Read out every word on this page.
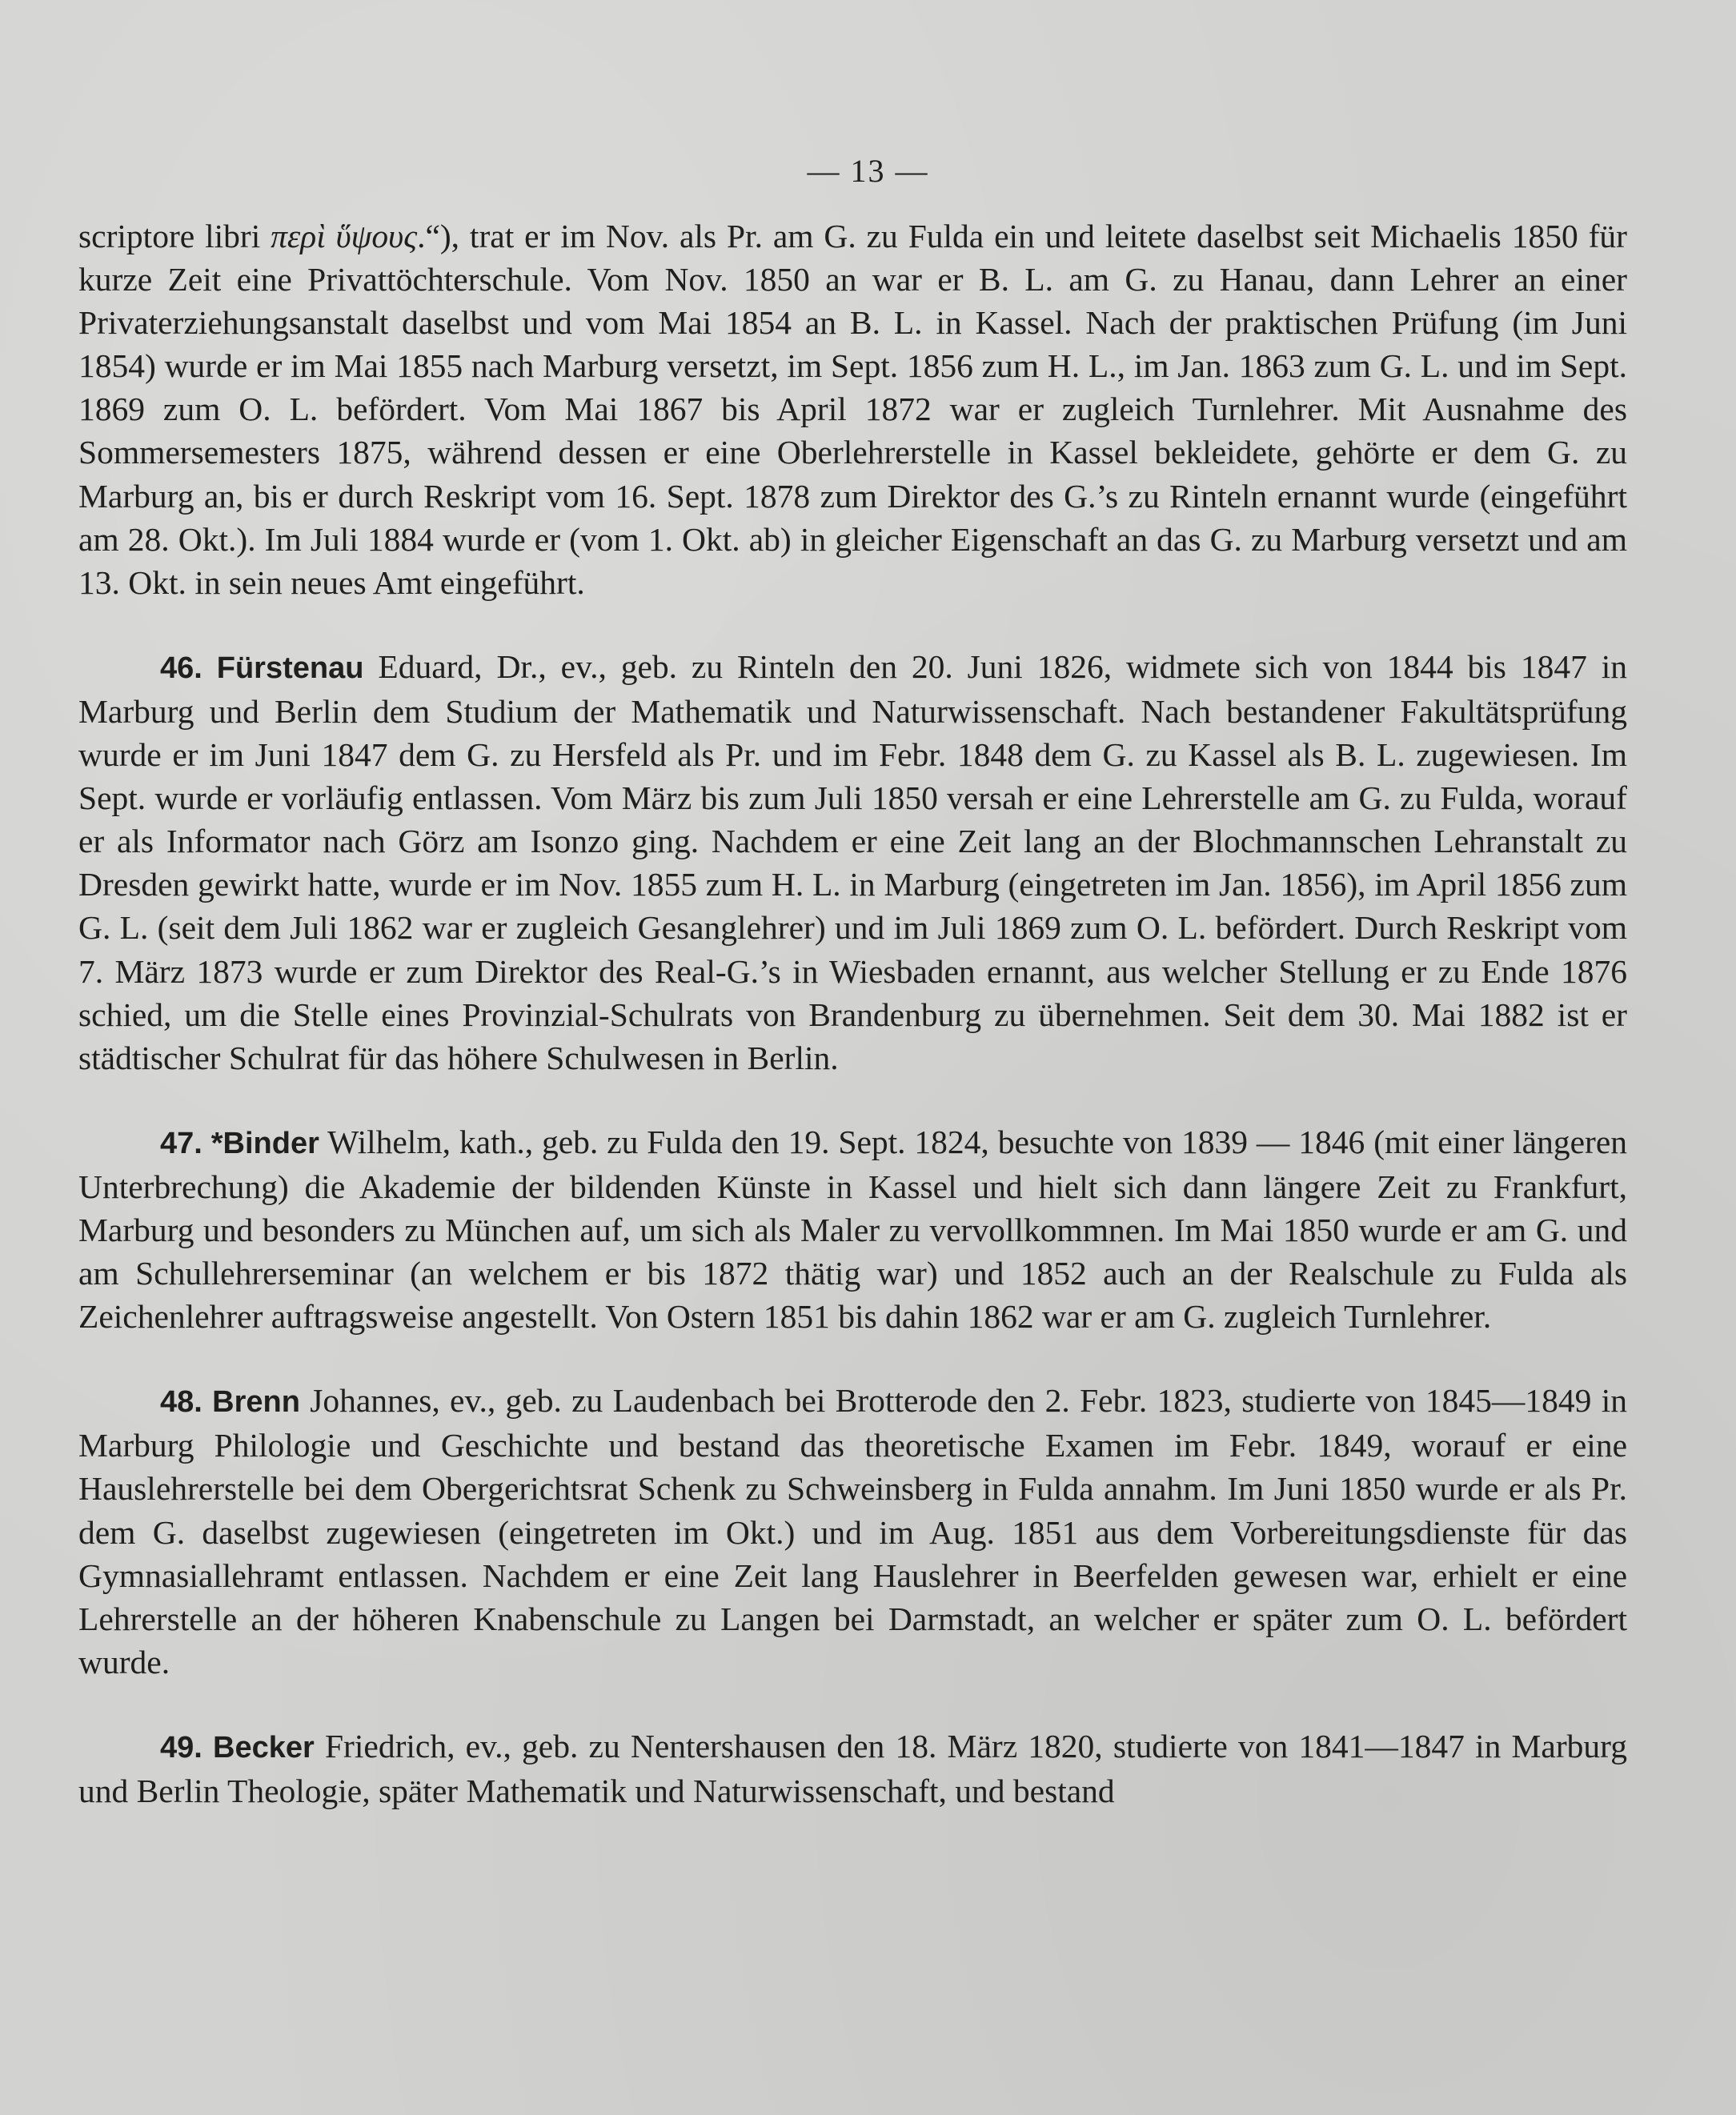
— 13 —

scriptore libri περὶ ὕψους.“), trat er im Nov. als Pr. am G. zu Fulda ein und leitete daselbst seit Michaelis 1850 für kurze Zeit eine Privattöchterschule. Vom Nov. 1850 an war er B. L. am G. zu Hanau, dann Lehrer an einer Privaterziehungsanstalt daselbst und vom Mai 1854 an B. L. in Kassel. Nach der praktischen Prüfung (im Juni 1854) wurde er im Mai 1855 nach Marburg versetzt, im Sept. 1856 zum H. L., im Jan. 1863 zum G. L. und im Sept. 1869 zum O. L. befördert. Vom Mai 1867 bis April 1872 war er zugleich Turnlehrer. Mit Ausnahme des Sommersemesters 1875, während dessen er eine Oberlehrerstelle in Kassel bekleidete, gehörte er dem G. zu Marburg an, bis er durch Reskript vom 16. Sept. 1878 zum Direktor des G.’s zu Rinteln ernannt wurde (eingeführt am 28. Okt.). Im Juli 1884 wurde er (vom 1. Okt. ab) in gleicher Eigenschaft an das G. zu Marburg versetzt und am 13. Okt. in sein neues Amt eingeführt.

46. Fürstenau Eduard, Dr., ev., geb. zu Rinteln den 20. Juni 1826, widmete sich von 1844 bis 1847 in Marburg und Berlin dem Studium der Mathematik und Naturwissenschaft. Nach bestandener Fakultätsprüfung wurde er im Juni 1847 dem G. zu Hersfeld als Pr. und im Febr. 1848 dem G. zu Kassel als B. L. zugewiesen. Im Sept. wurde er vorläufig entlassen. Vom März bis zum Juli 1850 versah er eine Lehrerstelle am G. zu Fulda, worauf er als Informator nach Görz am Isonzo ging. Nachdem er eine Zeit lang an der Blochmannschen Lehranstalt zu Dresden gewirkt hatte, wurde er im Nov. 1855 zum H. L. in Marburg (eingetreten im Jan. 1856), im April 1856 zum G. L. (seit dem Juli 1862 war er zugleich Gesanglehrer) und im Juli 1869 zum O. L. befördert. Durch Reskript vom 7. März 1873 wurde er zum Direktor des Real-G.’s in Wiesbaden ernannt, aus welcher Stellung er zu Ende 1876 schied, um die Stelle eines Provinzial-Schulrats von Brandenburg zu übernehmen. Seit dem 30. Mai 1882 ist er städtischer Schulrat für das höhere Schulwesen in Berlin.

47. *Binder Wilhelm, kath., geb. zu Fulda den 19. Sept. 1824, besuchte von 1839 — 1846 (mit einer längeren Unterbrechung) die Akademie der bildenden Künste in Kassel und hielt sich dann längere Zeit zu Frankfurt, Marburg und besonders zu München auf, um sich als Maler zu vervollkommnen. Im Mai 1850 wurde er am G. und am Schullehrerseminar (an welchem er bis 1872 thätig war) und 1852 auch an der Realschule zu Fulda als Zeichenlehrer auftragsweise angestellt. Von Ostern 1851 bis dahin 1862 war er am G. zugleich Turnlehrer.

48. Brenn Johannes, ev., geb. zu Laudenbach bei Brotterode den 2. Febr. 1823, studierte von 1845—1849 in Marburg Philologie und Geschichte und bestand das theoretische Examen im Febr. 1849, worauf er eine Hauslehrerstelle bei dem Obergerichtsrat Schenk zu Schweinsberg in Fulda annahm. Im Juni 1850 wurde er als Pr. dem G. daselbst zugewiesen (eingetreten im Okt.) und im Aug. 1851 aus dem Vorbereitungsdienste für das Gymnasiallehramt entlassen. Nachdem er eine Zeit lang Hauslehrer in Beerfelden gewesen war, erhielt er eine Lehrerstelle an der höheren Knabenschule zu Langen bei Darmstadt, an welcher er später zum O. L. befördert wurde.

49. Becker Friedrich, ev., geb. zu Nentershausen den 18. März 1820, studierte von 1841—1847 in Marburg und Berlin Theologie, später Mathematik und Naturwissenschaft, und bestand
